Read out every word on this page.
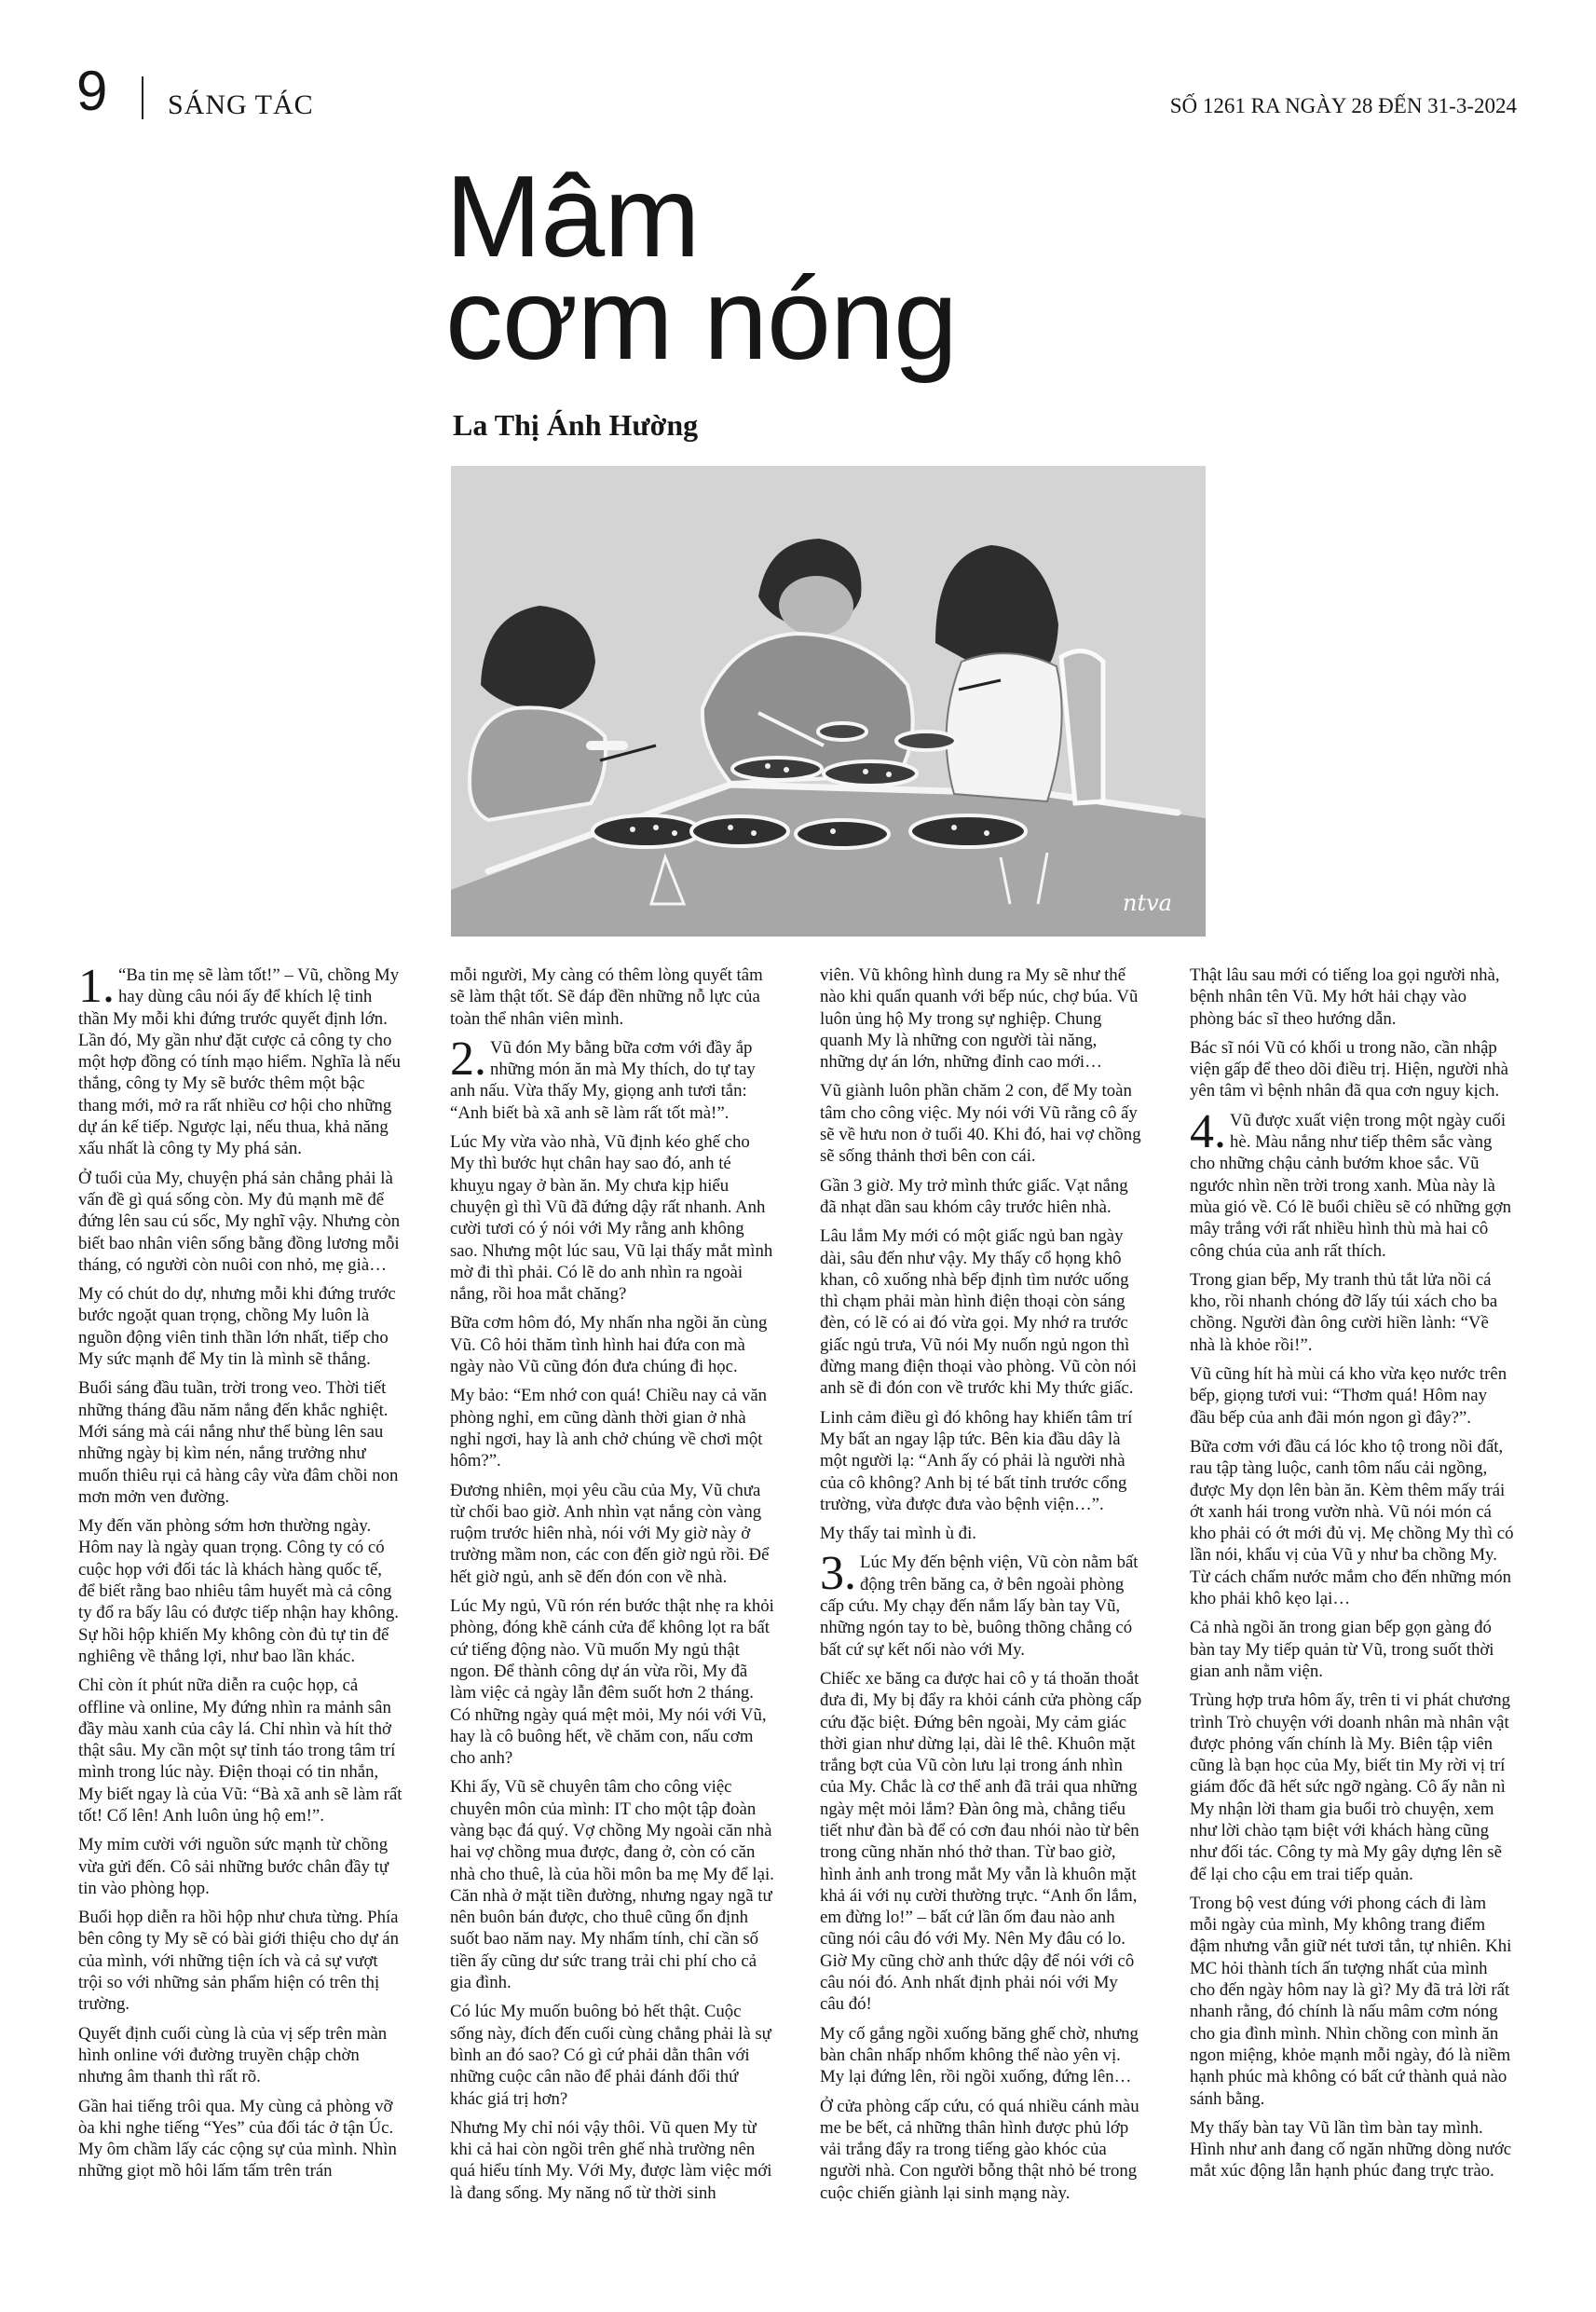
9 SÁNG TÁC	SỐ 1261 RA NGÀY 28 ĐẾN 31-3-2024
Mâm
cơm nóng
La Thị Ánh Hường
ntva

1.“Ba tin mẹ sẽ làm tốt!” – Vũ, chồng My hay dùng câu nói ấy để khích lệ tinh thần My mỗi khi đứng trước quyết định lớn. Lần đó, My gần như đặt cược cả công ty cho một hợp đồng có tính mạo hiểm. Nghĩa là nếu thắng, công ty My sẽ bước thêm một bậc thang mới, mở ra rất nhiều cơ hội cho những dự án kế tiếp. Ngược lại, nếu thua, khả năng xấu nhất là công ty My phá sản.

Ở tuổi của My, chuyện phá sản chẳng phải là vấn đề gì quá sống còn. My đủ mạnh mẽ để đứng lên sau cú sốc, My nghĩ vậy. Nhưng còn biết bao nhân viên sống bằng đồng lương mỗi tháng, có người còn nuôi con nhỏ, mẹ già…

My có chút do dự, nhưng mỗi khi đứng trước bước ngoặt quan trọng, chồng My luôn là nguồn động viên tinh thần lớn nhất, tiếp cho My sức mạnh để My tin là mình sẽ thắng.

Buổi sáng đầu tuần, trời trong veo. Thời tiết những tháng đầu năm nắng đến khắc nghiệt. Mới sáng mà cái nắng như thể bùng lên sau những ngày bị kìm nén, nắng trưởng như muốn thiêu rụi cả hàng cây vừa đâm chồi non mơn mởn ven đường.

My đến văn phòng sớm hơn thường ngày. Hôm nay là ngày quan trọng. Công ty có có cuộc họp với đối tác là khách hàng quốc tế, để biết rằng bao nhiêu tâm huyết mà cả công ty đổ ra bấy lâu có được tiếp nhận hay không. Sự hồi hộp khiến My không còn đủ tự tin để nghiêng về thắng lợi, như bao lần khác.

Chỉ còn ít phút nữa diễn ra cuộc họp, cả offline và online, My đứng nhìn ra mảnh sân đầy màu xanh của cây lá. Chỉ nhìn và hít thở thật sâu. My cần một sự tỉnh táo trong tâm trí mình trong lúc này. Điện thoại có tin nhắn, My biết ngay là của Vũ: “Bà xã anh sẽ làm rất tốt! Cố lên! Anh luôn ủng hộ em!”.

My mỉm cười với nguồn sức mạnh từ chồng vừa gửi đến. Cô sải những bước chân đầy tự tin vào phòng họp.

Buổi họp diễn ra hồi hộp như chưa từng. Phía bên công ty My sẽ có bài giới thiệu cho dự án của mình, với những tiện ích và cả sự vượt trội so với những sản phẩm hiện có trên thị trường.

Quyết định cuối cùng là của vị sếp trên màn hình online với đường truyền chập chờn nhưng âm thanh thì rất rõ.

Gần hai tiếng trôi qua. My cùng cả phòng vỡ òa khi nghe tiếng “Yes” của đối tác ở tận Úc. My ôm chầm lấy các cộng sự của mình. Nhìn những giọt mồ hôi lấm tấm trên trán

mỗi người, My càng có thêm lòng quyết tâm sẽ làm thật tốt. Sẽ đáp đền những nỗ lực của toàn thể nhân viên mình.

2.Vũ đón My bằng bữa cơm với đầy ắp những món ăn mà My thích, do tự tay anh nấu. Vừa thấy My, giọng anh tươi tắn: “Anh biết bà xã anh sẽ làm rất tốt mà!”.

Lúc My vừa vào nhà, Vũ định kéo ghế cho My thì bước hụt chân hay sao đó, anh té khuỵu ngay ở bàn ăn. My chưa kịp hiểu chuyện gì thì Vũ đã đứng dậy rất nhanh. Anh cười tươi có ý nói với My rằng anh không sao. Nhưng một lúc sau, Vũ lại thấy mắt mình mờ đi thì phải. Có lẽ do anh nhìn ra ngoài nắng, rồi hoa mắt chăng?

Bữa cơm hôm đó, My nhấn nha ngồi ăn cùng Vũ. Cô hỏi thăm tình hình hai đứa con mà ngày nào Vũ cũng đón đưa chúng đi học.

My bảo: “Em nhớ con quá! Chiều nay cả văn phòng nghỉ, em cũng dành thời gian ở nhà nghỉ ngơi, hay là anh chở chúng về chơi một hôm?”.

Đương nhiên, mọi yêu cầu của My, Vũ chưa từ chối bao giờ. Anh nhìn vạt nắng còn vàng ruộm trước hiên nhà, nói với My giờ này ở trường mầm non, các con đến giờ ngủ rồi. Để hết giờ ngủ, anh sẽ đến đón con về nhà.

Lúc My ngủ, Vũ rón rén bước thật nhẹ ra khỏi phòng, đóng khẽ cánh cửa để không lọt ra bất cứ tiếng động nào. Vũ muốn My ngủ thật ngon. Để thành công dự án vừa rồi, My đã làm việc cả ngày lẫn đêm suốt hơn 2 tháng. Có những ngày quá mệt mỏi, My nói với Vũ, hay là cô buông hết, về chăm con, nấu cơm cho anh?

Khi ấy, Vũ sẽ chuyên tâm cho công việc chuyên môn của mình: IT cho một tập đoàn vàng bạc đá quý. Vợ chồng My ngoài căn nhà hai vợ chồng mua được, đang ở, còn có căn nhà cho thuê, là của hồi môn ba mẹ My để lại. Căn nhà ở mặt tiền đường, nhưng ngay ngã tư nên buôn bán được, cho thuê cũng ổn định suốt bao năm nay. My nhẩm tính, chỉ cần số tiền ấy cũng dư sức trang trải chi phí cho cả gia đình.

Có lúc My muốn buông bỏ hết thật. Cuộc sống này, đích đến cuối cùng chẳng phải là sự bình an đó sao? Có gì cứ phải dằn thân với những cuộc cân não để phải đánh đổi thứ khác giá trị hơn?

Nhưng My chỉ nói vậy thôi. Vũ quen My từ khi cả hai còn ngồi trên ghế nhà trường nên quá hiểu tính My. Với My, được làm việc mới là đang sống. My năng nổ từ thời sinh

viên. Vũ không hình dung ra My sẽ như thế nào khi quẩn quanh với bếp núc, chợ búa. Vũ luôn ủng hộ My trong sự nghiệp. Chung quanh My là những con người tài năng, những dự án lớn, những đỉnh cao mới…

Vũ giành luôn phần chăm 2 con, để My toàn tâm cho công việc. My nói với Vũ rằng cô ấy sẽ về hưu non ở tuổi 40. Khi đó, hai vợ chồng sẽ sống thảnh thơi bên con cái.

Gần 3 giờ. My trở mình thức giấc. Vạt nắng đã nhạt dần sau khóm cây trước hiên nhà.

Lâu lắm My mới có một giấc ngủ ban ngày dài, sâu đến như vậy. My thấy cổ họng khô khan, cô xuống nhà bếp định tìm nước uống thì chạm phải màn hình điện thoại còn sáng đèn, có lẽ có ai đó vừa gọi. My nhớ ra trước giấc ngủ trưa, Vũ nói My nuốn ngủ ngon thì đừng mang điện thoại vào phòng. Vũ còn nói anh sẽ đi đón con về trước khi My thức giấc.

Linh cảm điều gì đó không hay khiến tâm trí My bất an ngay lập tức. Bên kia đầu dây là một người lạ: “Anh ấy có phải là người nhà của cô không? Anh bị té bất tỉnh trước cổng trường, vừa được đưa vào bệnh viện…”.

My thấy tai mình ù đi.

3.Lúc My đến bệnh viện, Vũ còn nằm bất động trên băng ca, ở bên ngoài phòng cấp cứu. My chạy đến nắm lấy bàn tay Vũ, những ngón tay to bè, buông thõng chẳng có bất cứ sự kết nối nào với My.

Chiếc xe băng ca được hai cô y tá thoăn thoắt đưa đi, My bị đẩy ra khỏi cánh cửa phòng cấp cứu đặc biệt. Đứng bên ngoài, My cảm giác thời gian như dừng lại, dài lê thê. Khuôn mặt trắng bợt của Vũ còn lưu lại trong ánh nhìn của My. Chắc là cơ thể anh đã trải qua những ngày mệt mỏi lắm? Đàn ông mà, chẳng tiểu tiết như đàn bà để có cơn đau nhói nào từ bên trong cũng nhăn nhó thở than. Từ bao giờ, hình ảnh anh trong mắt My vẫn là khuôn mặt khả ái với nụ cười thường trực. “Anh ổn lắm, em đừng lo!” – bất cứ lần ốm đau nào anh cũng nói câu đó với My. Nên My đâu có lo. Giờ My cũng chờ anh thức dậy để nói với cô câu nói đó. Anh nhất định phải nói với My câu đó!

My cố gắng ngồi xuống băng ghế chờ, nhưng bàn chân nhấp nhổm không thể nào yên vị. My lại đứng lên, rồi ngồi xuống, đứng lên…

Ở cửa phòng cấp cứu, có quá nhiều cánh màu me be bết, cả những thân hình được phủ lớp vải trắng đẩy ra trong tiếng gào khóc của người nhà. Con người bỗng thật nhỏ bé trong cuộc chiến giành lại sinh mạng này.

Thật lâu sau mới có tiếng loa gọi người nhà, bệnh nhân tên Vũ. My hớt hải chạy vào phòng bác sĩ theo hướng dẫn.

Bác sĩ nói Vũ có khối u trong não, cần nhập viện gấp để theo dõi điều trị. Hiện, người nhà yên tâm vì bệnh nhân đã qua cơn nguy kịch.

4.Vũ được xuất viện trong một ngày cuối hè. Màu nắng như tiếp thêm sắc vàng cho những chậu cảnh bướm khoe sắc. Vũ ngước nhìn nền trời trong xanh. Mùa này là mùa gió về. Có lẽ buổi chiều sẽ có những gợn mây trắng với rất nhiều hình thù mà hai cô công chúa của anh rất thích.

Trong gian bếp, My tranh thủ tắt lửa nồi cá kho, rồi nhanh chóng đỡ lấy túi xách cho ba chồng. Người đàn ông cười hiền lành: “Về nhà là khỏe rồi!”.

Vũ cũng hít hà mùi cá kho vừa kẹo nước trên bếp, giọng tươi vui: “Thơm quá! Hôm nay đầu bếp của anh đãi món ngon gì đây?”.

Bữa cơm với đầu cá lóc kho tộ trong nồi đất, rau tập tàng luộc, canh tôm nấu cải ngồng, được My dọn lên bàn ăn. Kèm thêm mấy trái ớt xanh hái trong vườn nhà. Vũ nói món cá kho phải có ớt mới đủ vị. Mẹ chồng My thì có lần nói, khẩu vị của Vũ y như ba chồng My. Từ cách chấm nước mắm cho đến những món kho phải khô kẹo lại…

Cả nhà ngồi ăn trong gian bếp gọn gàng đó bàn tay My tiếp quản từ Vũ, trong suốt thời gian anh nằm viện.

Trùng hợp trưa hôm ấy, trên ti vi phát chương trình Trò chuyện với doanh nhân mà nhân vật được phỏng vấn chính là My. Biên tập viên cũng là bạn học của My, biết tin My rời vị trí giám đốc đã hết sức ngỡ ngàng. Cô ấy nằn nì My nhận lời tham gia buổi trò chuyện, xem như lời chào tạm biệt với khách hàng cũng như đối tác. Công ty mà My gây dựng lên sẽ để lại cho cậu em trai tiếp quản.

Trong bộ vest đúng với phong cách đi làm mỗi ngày của mình, My không trang điểm đậm nhưng vẫn giữ nét tươi tắn, tự nhiên. Khi MC hỏi thành tích ấn tượng nhất của mình cho đến ngày hôm nay là gì? My đã trả lời rất nhanh rằng, đó chính là nấu mâm cơm nóng cho gia đình mình. Nhìn chồng con mình ăn ngon miệng, khỏe mạnh mỗi ngày, đó là niềm hạnh phúc mà không có bất cứ thành quả nào sánh bằng.

My thấy bàn tay Vũ lần tìm bàn tay mình. Hình như anh đang cố ngăn những dòng nước mắt xúc động lẫn hạnh phúc đang trực trào.
